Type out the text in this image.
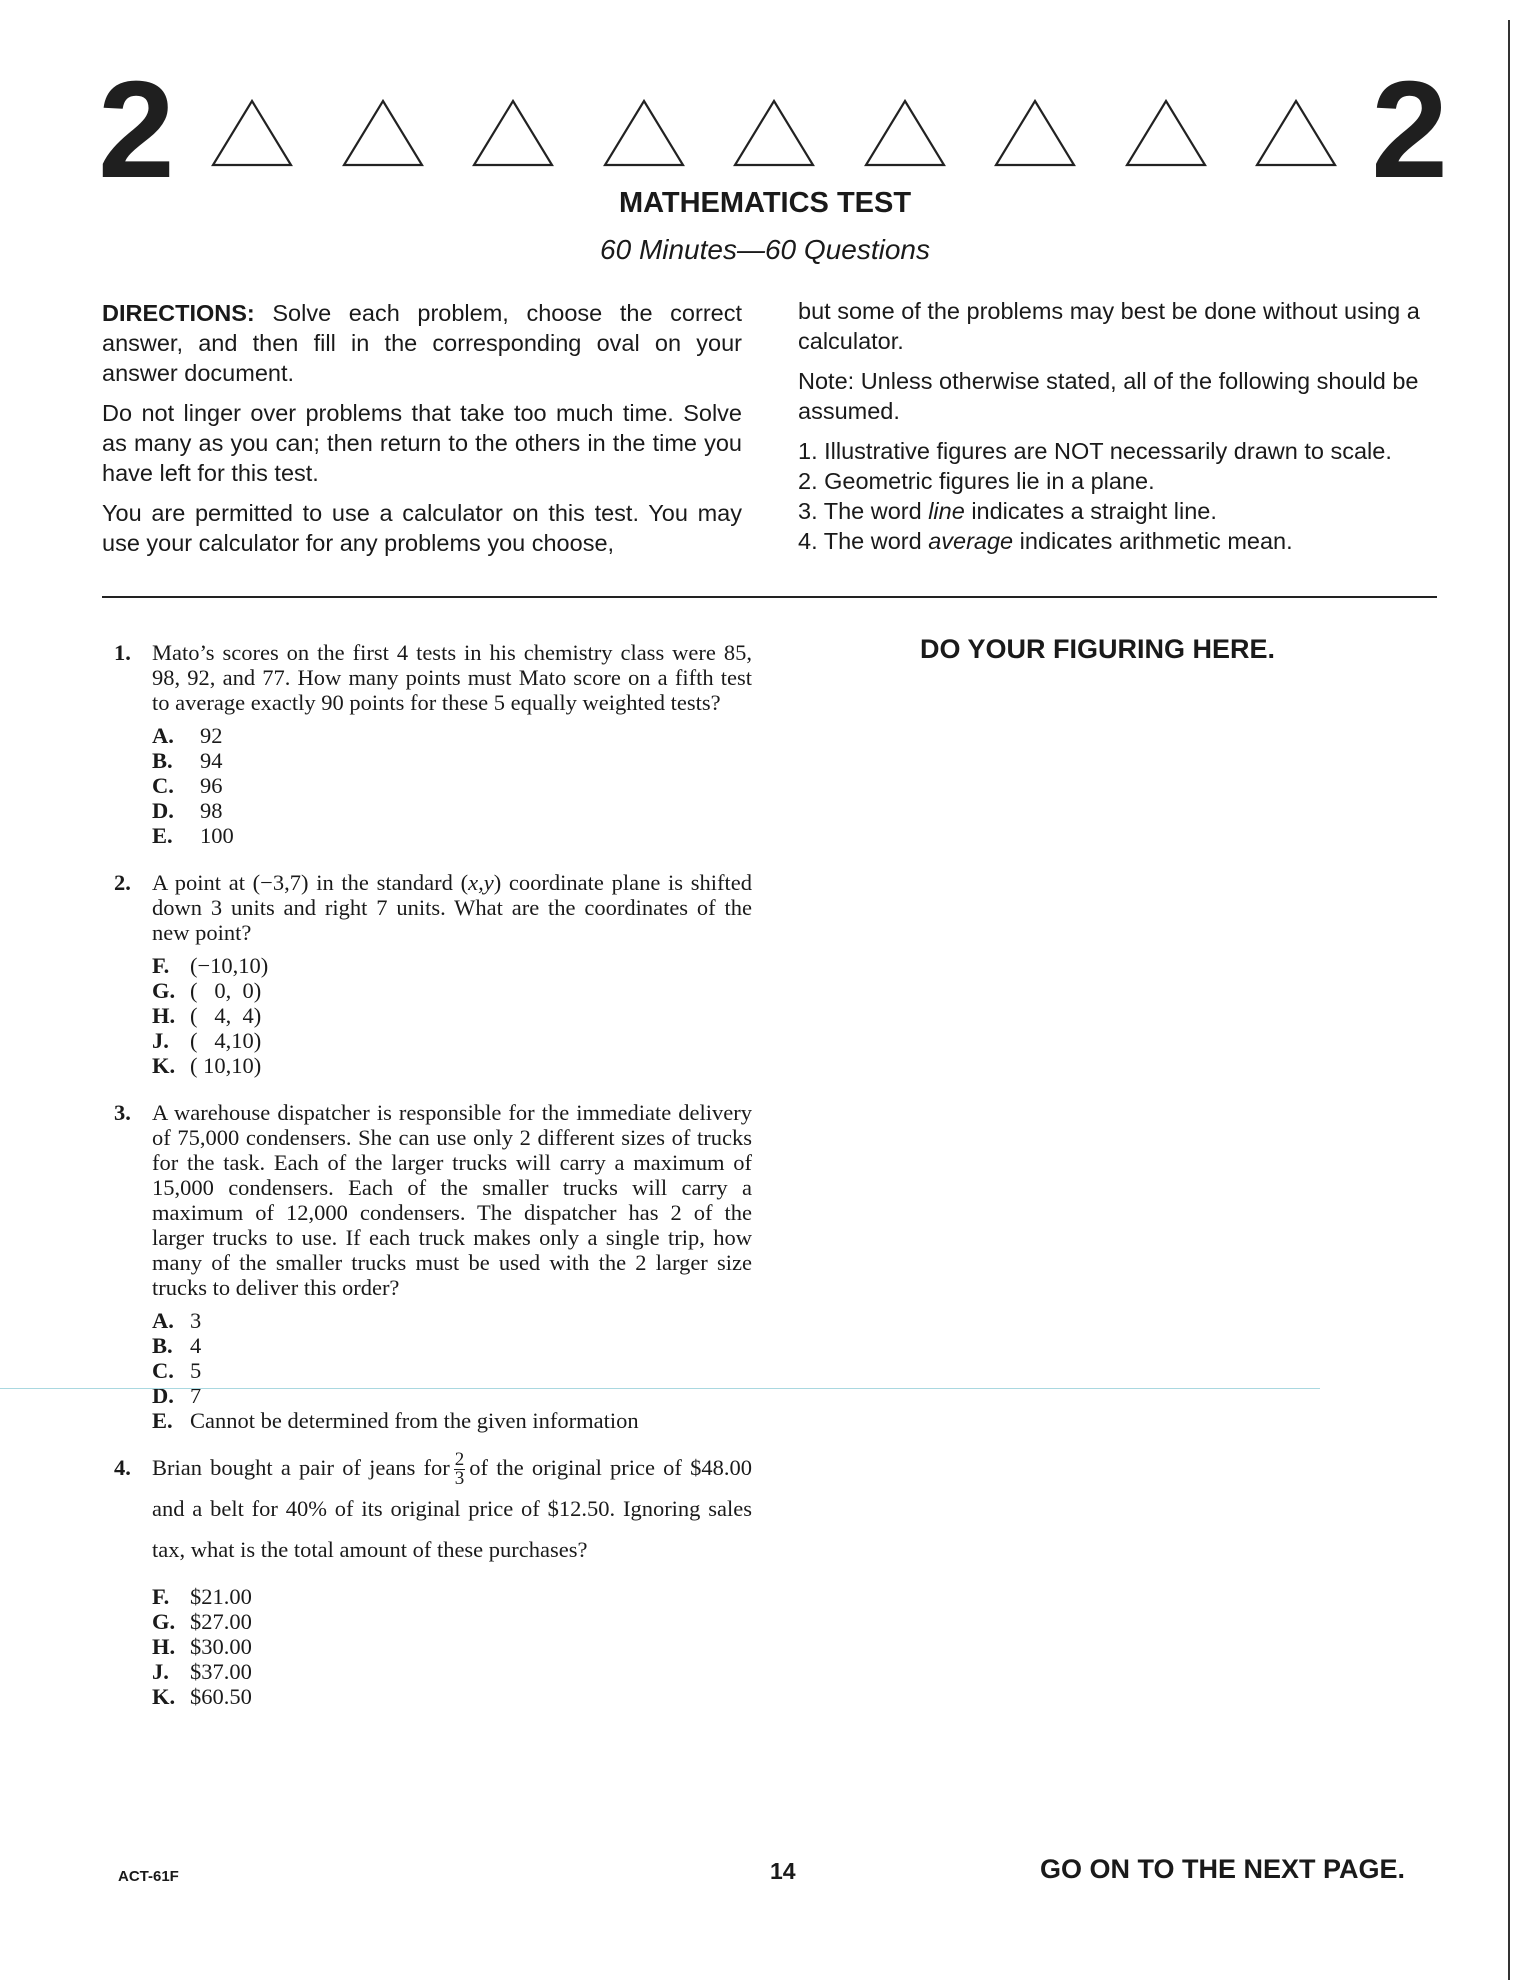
2	2
MATHEMATICS TEST
60 Minutes—60 Questions

DIRECTIONS: Solve each problem, choose the correct answer, and then fill in the corresponding oval on your answer document.

Do not linger over problems that take too much time. Solve as many as you can; then return to the others in the time you have left for this test.

You are permitted to use a calculator on this test. You may use your calculator for any problems you choose,

but some of the problems may best be done without using a calculator.

Note: Unless otherwise stated, all of the following should be assumed.

1. Illustrative figures are NOT necessarily drawn to scale.
2. Geometric figures lie in a plane.
3. The word line indicates a straight line.
4. The word average indicates arithmetic mean.
DO YOUR FIGURING HERE.
1. Mato’s scores on the first 4 tests in his chemistry class were 85, 98, 92, and 77. How many points must Mato score on a fifth test to average exactly 90 points for these 5 equally weighted tests?
A.	92
B.	94
C.	96
D.	98
E.	100
2. A point at (−3,7) in the standard (x,y) coordinate plane is shifted down 3 units and right 7 units. What are the coordinates of the new point?
F. (−10,10)
G. (   0,  0)
H. (   4,  4)
J. (   4,10)
K. ( 10,10)
3. A warehouse dispatcher is responsible for the immediate delivery of 75,000 condensers. She can use only 2 different sizes of trucks for the task. Each of the larger trucks will carry a maximum of 15,000 condensers. Each of the smaller trucks will carry a maximum of 12,000 condensers. The dispatcher has 2 of the larger trucks to use. If each truck makes only a single trip, how many of the smaller trucks must be used with the 2 larger size trucks to deliver this order?
A. 3
B. 4
C. 5
D. 7
E. Cannot be determined from the given information
4. Brian bought a pair of jeans for $\frac{2}{3}$ of the original price of $48.00 and a belt for 40% of its original price of $12.50. Ignoring sales tax, what is the total amount of these purchases?
F. $21.00
G. $27.00
H. $30.00
J. $37.00
K. $60.50
ACT-61F	14	GO ON TO THE NEXT PAGE.
